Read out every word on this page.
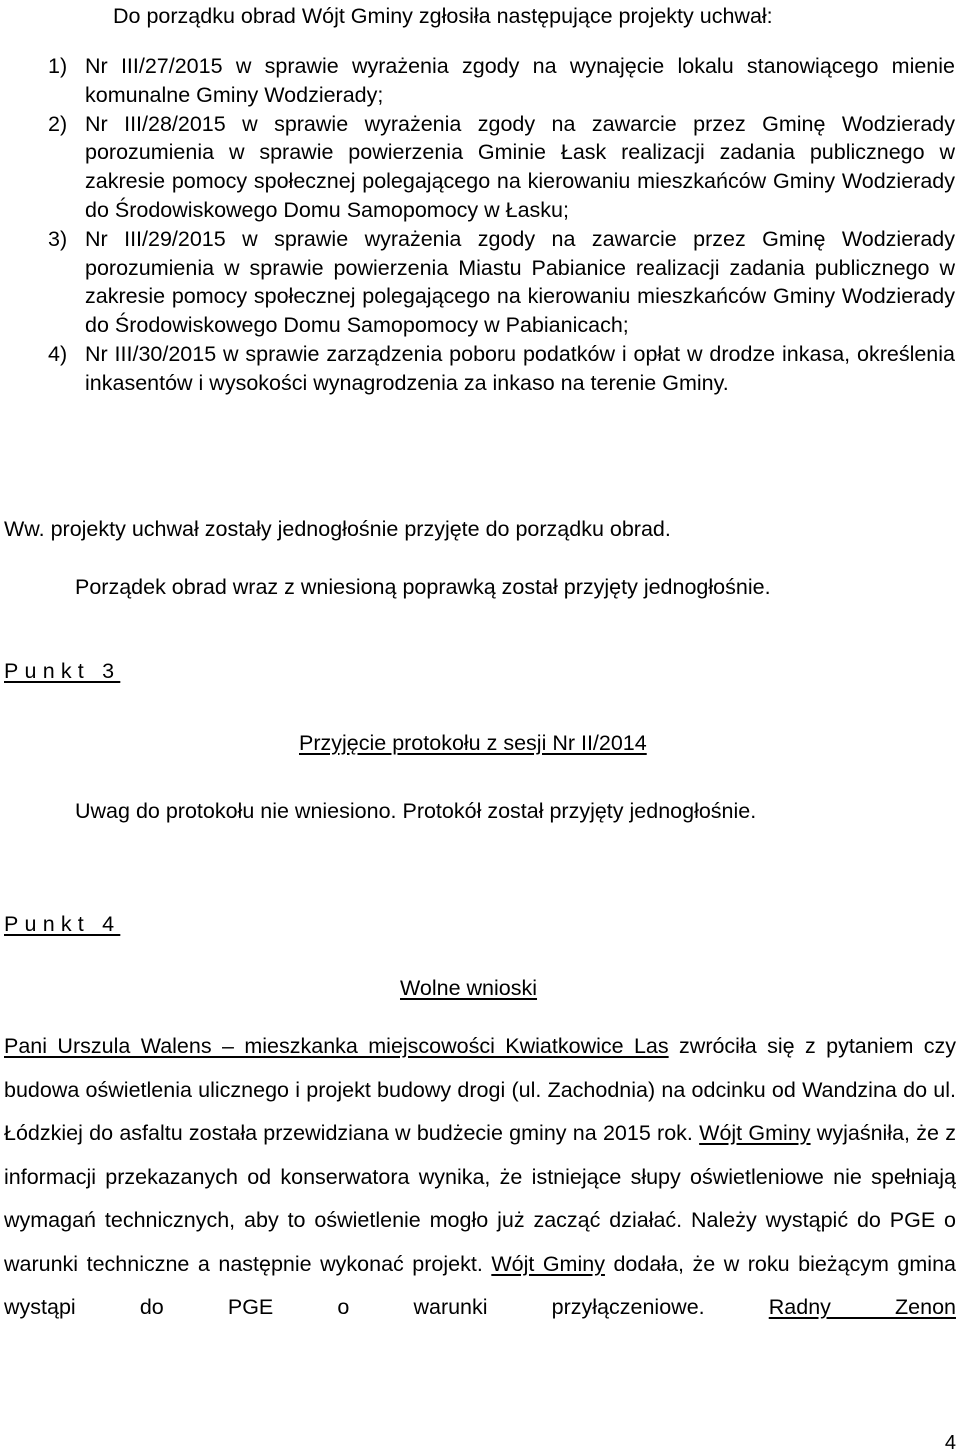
Do porządku obrad Wójt Gminy zgłosiła następujące projekty uchwał:
1) Nr III/27/2015 w sprawie wyrażenia zgody na wynajęcie lokalu stanowiącego mienie komunalne Gminy Wodzierady;
2) Nr III/28/2015 w sprawie wyrażenia zgody na zawarcie przez Gminę Wodzierady porozumienia w sprawie powierzenia Gminie Łask realizacji zadania publicznego w zakresie pomocy społecznej polegającego na kierowaniu mieszkańców Gminy Wodzierady do Środowiskowego Domu Samopomocy w Łasku;
3) Nr III/29/2015 w sprawie wyrażenia zgody na zawarcie przez Gminę Wodzierady porozumienia w sprawie powierzenia Miastu Pabianice realizacji zadania publicznego w zakresie pomocy społecznej polegającego na kierowaniu mieszkańców Gminy Wodzierady do Środowiskowego Domu Samopomocy w Pabianicach;
4) Nr III/30/2015 w sprawie zarządzenia poboru podatków i opłat w drodze inkasa, określenia inkasentów i wysokości wynagrodzenia za inkaso na terenie Gminy.
Ww. projekty uchwał zostały jednogłośnie przyjęte do porządku obrad.
Porządek obrad wraz z wniesioną poprawką został przyjęty jednogłośnie.
Punkt 3
Przyjęcie protokołu z sesji Nr II/2014
Uwag do protokołu nie wniesiono. Protokół został przyjęty jednogłośnie.
Punkt 4
Wolne wnioski
Pani Urszula Walens – mieszkanka miejscowości Kwiatkowice Las zwróciła się z pytaniem czy budowa oświetlenia ulicznego i projekt budowy drogi (ul. Zachodnia) na odcinku od Wandzina do ul. Łódzkiej do asfaltu została przewidziana w budżecie gminy na 2015 rok. Wójt Gminy wyjaśniła, że z informacji przekazanych od konserwatora wynika, że istniejące słupy oświetleniowe nie spełniają wymagań technicznych, aby to oświetlenie mogło już zacząć działać. Należy wystąpić do PGE o warunki techniczne a następnie wykonać projekt. Wójt Gminy dodała, że w roku bieżącym gmina wystąpi do PGE o warunki przyłączeniowe. Radny Zenon
4
